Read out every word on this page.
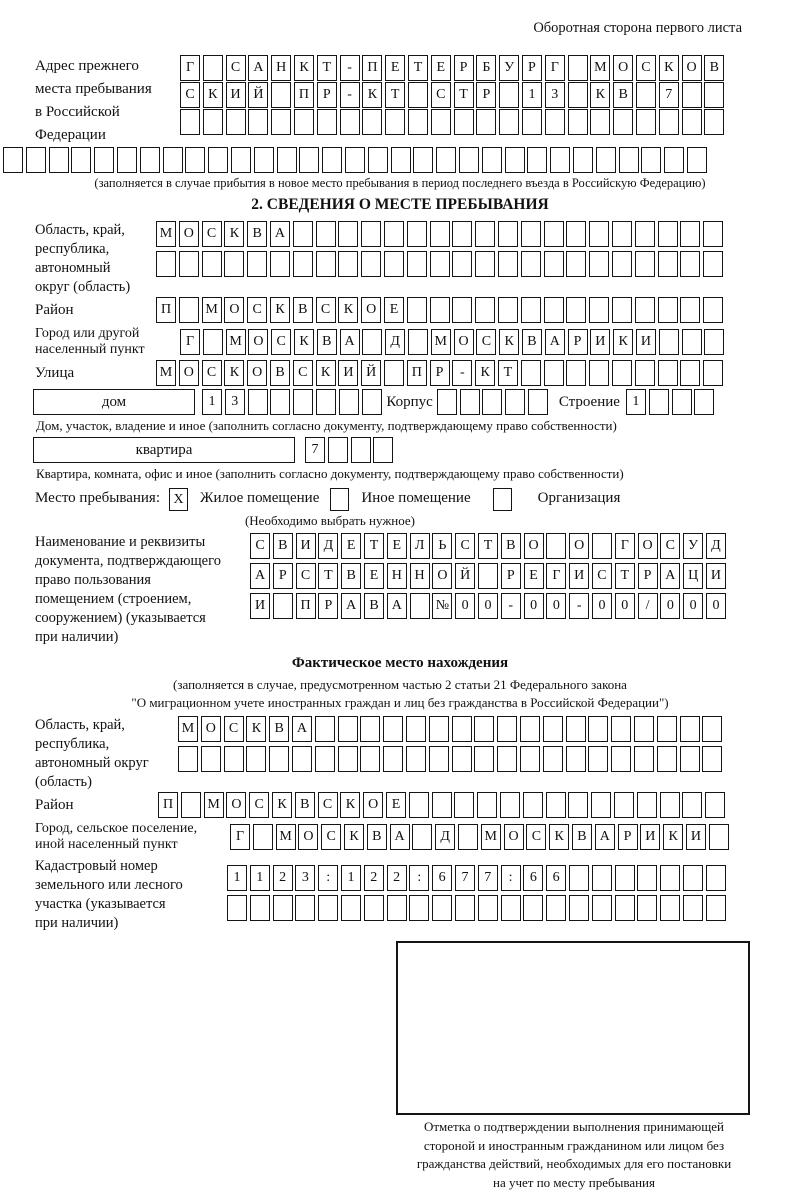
Оборотная сторона первого листа
Адрес прежнего
места пребывания
в Российской
Федерации
Г	С А Н К Т	-	П Е	Т	Е	Р	Б У Р	Г	М О С К О В
С К И Й	П Р	-	К Т	С Т	Р	1	3	К В	7
(заполняется в случае прибытия в новое место пребывания в период последнего въезда в Российскую Федерацию)
2. СВЕДЕНИЯ О МЕСТЕ ПРЕБЫВАНИЯ
Область, край,
республика,
автономный
округ (область)
М О С К В А
Район	П	М О С К В С К О Е
Город или другой
населенный пункт
Г	М О С К В А	Д	М О С К В А Р И К И
Улица	М О С К О В С К И Й	П Р	-	К Т
дом	1	3	Корпус	Строение 1
Дом, участок, владение и иное (заполнить согласно документу, подтверждающему право собственности)
квартира	7
Квартира, комната, офис и иное (заполнить согласно документу, подтверждающему право собственности)
Место пребывания: X Жилое помещение	Иное помещение	Организация
(Необходимо выбрать нужное)
Наименование и реквизиты
документа, подтверждающего
право пользования
помещением (строением,
сооружением) (указывается
при наличии)
С В И Д Е	Т	Е Л	Ь	С Т В О	О	Г О С У Д
А Р	С Т В Е Н Н О Й	Р	Е	Г И С Т	Р А Ц И
И	П Р А В А	№ 0	0	-	0	0	-	0	0	/	0	0	0
Фактическое место нахождения
(заполняется в случае, предусмотренном частью 2 статьи 21 Федерального закона
"О миграционном учете иностранных граждан и лиц без гражданства в Российской Федерации")
Область, край,
республика,
автономный округ
(область)
М О С К В А
Район	П	М О С К В С К О Е
Город, сельское поселение,
иной населенный пункт
Г	М О С К В А	Д	М О С К В А Р И К И
Кадастровый номер
земельного или лесного
участка (указывается
при наличии)
1	1	2	3	:	1	2	2	:	6	7	7	:	6	6
Отметка о подтверждении выполнения принимающей
стороной и иностранным гражданином или лицом без
гражданства действий, необходимых для его постановки
на учет по месту пребывания
